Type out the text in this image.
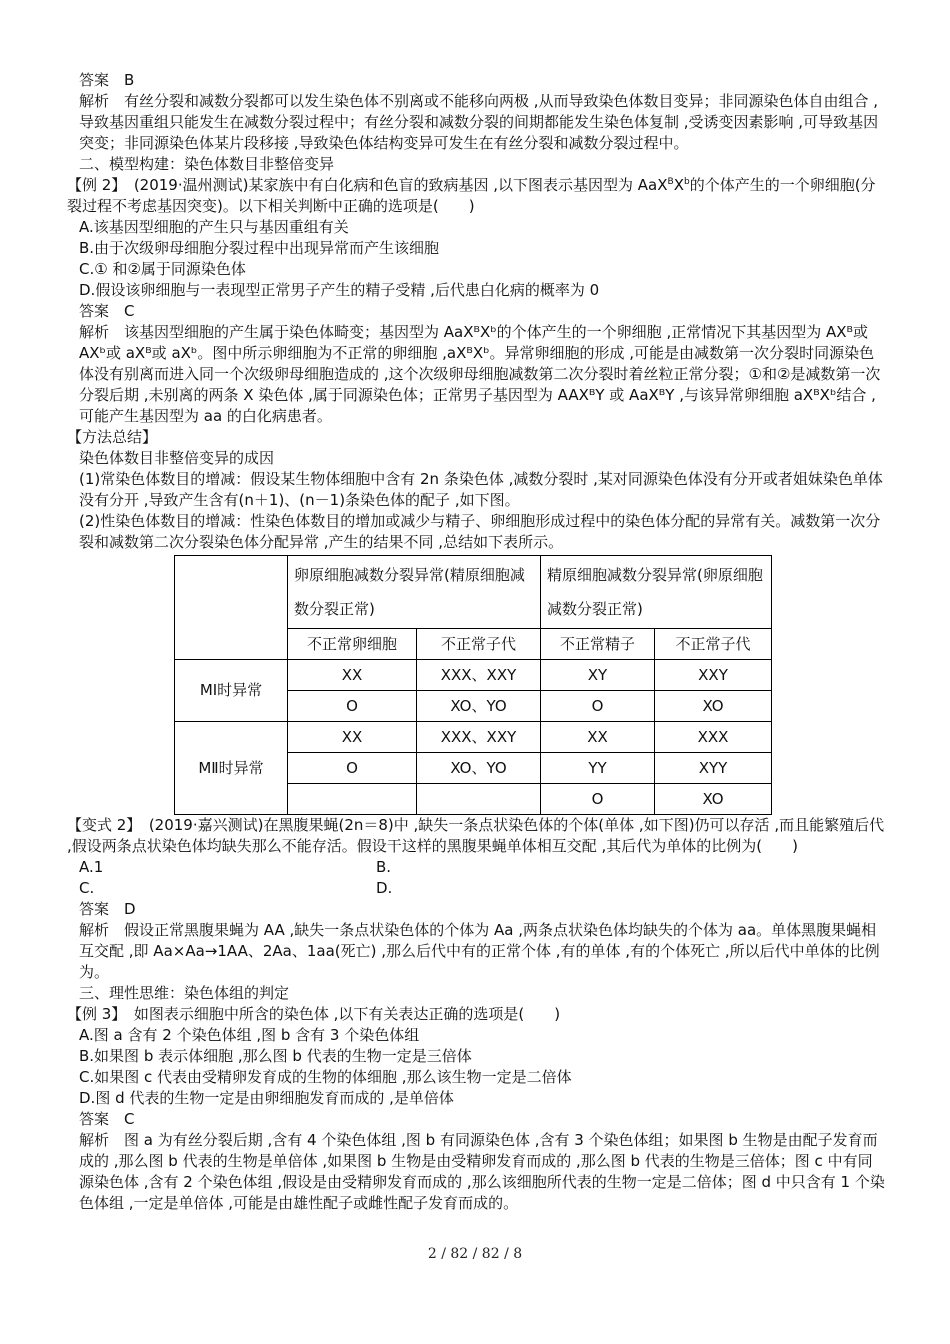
答案　B

解析　有丝分裂和减数分裂都可以发生染色体不别离或不能移向两极 ,从而导致染色体数目变异；非同源染色体自由组合 ,导致基因重组只能发生在减数分裂过程中；有丝分裂和减数分裂的间期都能发生染色体复制 ,受诱变因素影响 ,可导致基因突变；非同源染色体某片段移接 ,导致染色体结构变异可发生在有丝分裂和减数分裂过程中。

二、模型构建：染色体数目非整倍变异

【例 2】　 (2019·温州测试)某家族中有白化病和色盲的致病基因 ,以下图表示基因型为 $AaX^BX^b$的个体产生的一个卵细胞(分裂过程不考虑基因突变)。以下相关判断中正确的选项是(　　)

A.该基因型细胞的产生只与基因重组有关

B.由于次级卵母细胞分裂过程中出现异常而产生该细胞

C.① 和②属于同源染色体

D.假设该卵细胞与一表现型正常男子产生的精子受精 ,后代患白化病的概率为 0

答案　C

解析　该基因型细胞的产生属于染色体畸变；基因型为 AaXᴮXᵇ的个体产生的一个卵细胞 ,正常情况下其基因型为 AXᴮ或 AXᵇ或 aXᴮ或 aXᵇ。图中所示卵细胞为不正常的卵细胞 ,aXᴮXᵇ。异常卵细胞的形成 ,可能是由减数第一次分裂时同源染色体没有别离而进入同一个次级卵母细胞造成的 ,这个次级卵母细胞减数第二次分裂时着丝粒正常分裂；①和②是减数第一次分裂后期 ,未别离的两条 X 染色体 ,属于同源染色体；正常男子基因型为 AAXᴮY 或 AaXᴮY ,与该异常卵细胞 aXᴮXᵇ结合 ,可能产生基因型为 aa 的白化病患者。

【方法总结】

染色体数目非整倍变异的成因

(1)常染色体数目的增减：假设某生物体细胞中含有 2n 条染色体 ,减数分裂时 ,某对同源染色体没有分开或者姐妹染色单体没有分开 ,导致产生含有(n＋1)、(n－1)条染色体的配子 ,如下图。

(2)性染色体数目的增减：性染色体数目的增加或减少与精子、卵细胞形成过程中的染色体分配的异常有关。减数第一次分裂和减数第二次分裂染色体分配异常 ,产生的结果不同 ,总结如下表所示。

	卵原细胞减数分裂异常(精原细胞减数分裂正常)		精原细胞减数分裂异常(卵原细胞减数分裂正常)	
	不正常卵细胞	不正常子代	不正常精子	不正常子代
MⅠ时异常	XX	XXX、XXY	XY	XXY
	O	XO、YO	O	XO
MⅡ时异常	XX	XXX、XXY	XX	XXX
	O	XO、YO	YY	XYY
			O	XO

【变式 2】　 (2019·嘉兴测试)在黑腹果蝇(2n＝8)中 ,缺失一条点状染色体的个体(单体 ,如下图)仍可以存活 ,而且能繁殖后代 ,假设两条点状染色体均缺失那么不能存活。假设干这样的黑腹果蝇单体相互交配 ,其后代为单体的比例为(　　)

A.1	B.
C.	D.

答案　D

解析　假设正常黑腹果蝇为 AA ,缺失一条点状染色体的个体为 Aa ,两条点状染色体均缺失的个体为 aa。单体黑腹果蝇相互交配 ,即 Aa×Aa→1AA、2Aa、1aa(死亡) ,那么后代中有的正常个体 ,有的单体 ,有的个体死亡 ,所以后代中单体的比例为。

三、理性思维：染色体组的判定

【例 3】　如图表示细胞中所含的染色体 ,以下有关表达正确的选项是(　　)

A.图 a 含有 2 个染色体组 ,图 b 含有 3 个染色体组

B.如果图 b 表示体细胞 ,那么图 b 代表的生物一定是三倍体

C.如果图 c 代表由受精卵发育成的生物的体细胞 ,那么该生物一定是二倍体

D.图 d 代表的生物一定是由卵细胞发育而成的 ,是单倍体

答案　C

解析　图 a 为有丝分裂后期 ,含有 4 个染色体组 ,图 b 有同源染色体 ,含有 3 个染色体组；如果图 b 生物是由配子发育而成的 ,那么图 b 代表的生物是单倍体 ,如果图 b 生物是由受精卵发育而成的 ,那么图 b 代表的生物是三倍体；图 c 中有同源染色体 ,含有 2 个染色体组 ,假设是由受精卵发育而成的 ,那么该细胞所代表的生物一定是二倍体；图 d 中只含有 1 个染色体组 ,一定是单倍体 ,可能是由雄性配子或雌性配子发育而成的。

2 / 82 / 82 / 8
